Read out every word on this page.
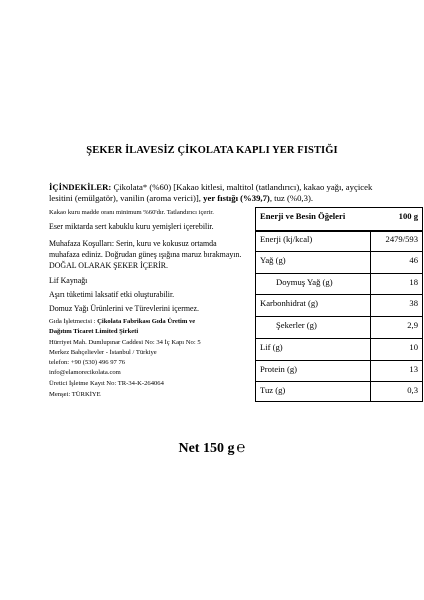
ŞEKER İLAVESİZ ÇİKOLATA KAPLI YER FISTIĞI
İÇİNDEKİLER: Çikolata* (%60) [Kakao kitlesi, maltitol (tatlandırıcı), kakao yağı, ayçicek lesitini (emülgatör), vanilin (aroma verici)], yer fıstığı (%39,7), tuz (%0,3).
Kakao kuru madde oranı minimum %60'dır. Tatlandırıcı içerir.
Eser miktarda sert kabuklu kuru yemişleri içerebilir.
Muhafaza Koşulları: Serin, kuru ve kokusuz ortamda
muhafaza ediniz. Doğrudan güneş ışığına maruz bırakmayın.
DOĞAL OLARAK ŞEKER İÇERİR.
Lif Kaynağı
Aşırı tüketimi laksatif etki oluşturabilir.
Domuz Yağı Ürünlerini ve Türevlerini içermez.
Gıda İşletmecisi : Çikolata Fabrikası Gıda Üretim ve
Dağıtım Ticaret Limited Şirketi
Hürriyet Mah. Dumlupınar Caddesi No: 34 İç Kapı No: 5
Merkez Bahçelievler - İstanbul / Türkiye
telefon: +90 (530) 496 97 76
info@elamorecikolata.com
Üretici İşletme Kayıt No: TR-34-K-264064
Menşei: TÜRKİYE
Enerji ve Besin Öğeleri	100 g
Enerji (kj/kcal)	2479/593
Yağ (g)	46
Doymuş Yağ (g)	18
Karbonhidrat (g)	38
Şekerler (g)	2,9
Lif (g)	10
Protein (g)	13
Tuz (g)	0,3
Net 150 g ℮
